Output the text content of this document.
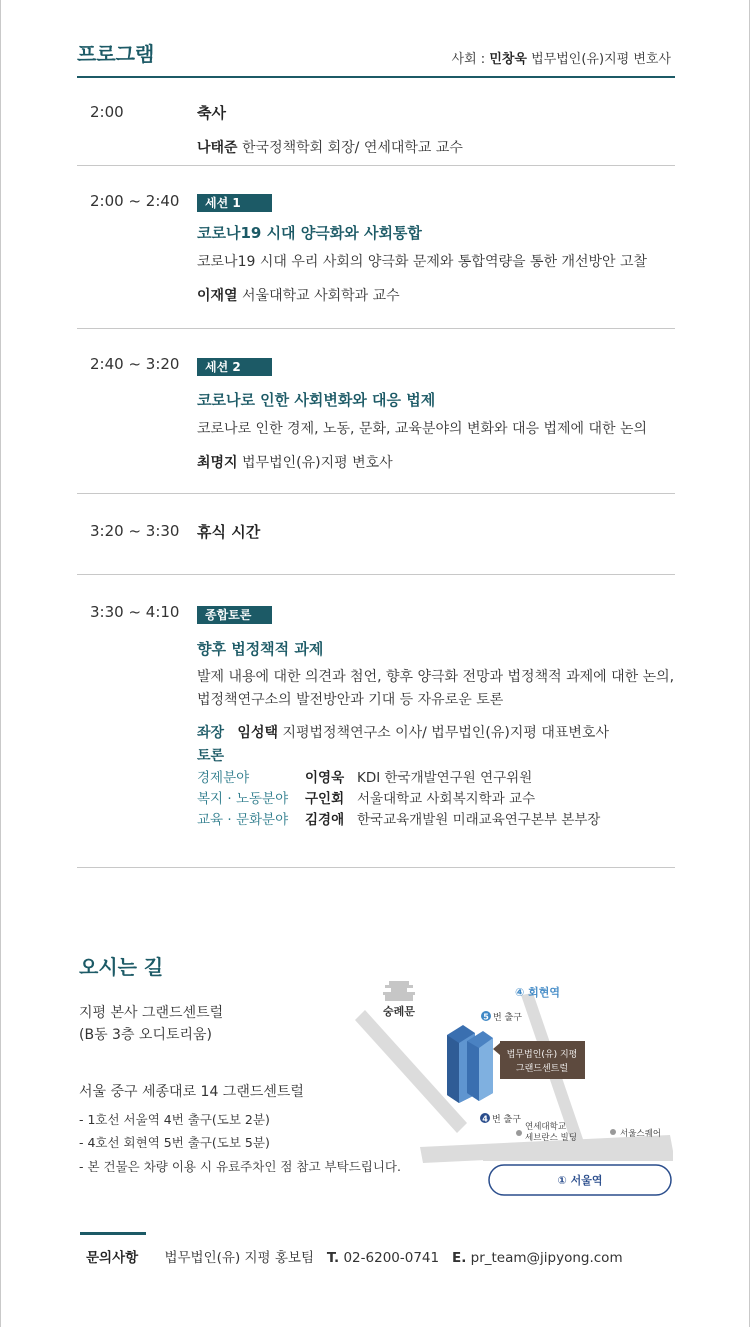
프로그램	사회 : 민창욱 법무법인(유)지평 변호사
2:00	축사
나태준 한국정책학회 회장/ 연세대학교 교수
2:00 ~ 2:40	세션 1
코로나19 시대 양극화와 사회통합
코로나19 시대 우리 사회의 양극화 문제와 통합역량을 통한 개선방안 고찰
이재열 서울대학교 사회학과 교수
2:40 ~ 3:20	세션 2
코로나로 인한 사회변화와 대응 법제
코로나로 인한 경제, 노동, 문화, 교육분야의 변화와 대응 법제에 대한 논의
최명지 법무법인(유)지평 변호사
3:20 ~ 3:30 휴식 시간
3:30 ~ 4:10	종합토론
향후 법정책적 과제
발제 내용에 대한 의견과 첨언, 향후 양극화 전망과 법정책적 과제에 대한 논의,
법정책연구소의 발전방안과 기대 등 자유로운 토론
좌장 임성택 지평법정책연구소 이사/ 법무법인(유)지평 대표변호사
토론
경제분야	이영욱 KDI 한국개발연구원 연구위원
복지 · 노동분야 구인회 서울대학교 사회복지학과 교수
교육 · 문화분야 김경애 한국교육개발원 미래교육연구본부 본부장
오시는 길
지평 본사 그랜드센트럴
(B동 3층 오디토리움)
서울 중구 세종대로 14 그랜드센트럴
- 1호선 서울역 4번 출구(도보 2분)
- 4호선 회현역 5번 출구(도보 5분)
- 본 건물은 차량 이용 시 유료주차인 점 참고 부탁드립니다.
숭례문
④ 회현역
5 번 출구
법무법인(유) 지평
그랜드센트럴
4 번 출구
연세대학교
세브란스 빌딩	서울스퀘어
① 서울역
문의사항 법무법인(유) 지평 홍보팀 T. 02-6200-0741 E. pr_team@jipyong.com
